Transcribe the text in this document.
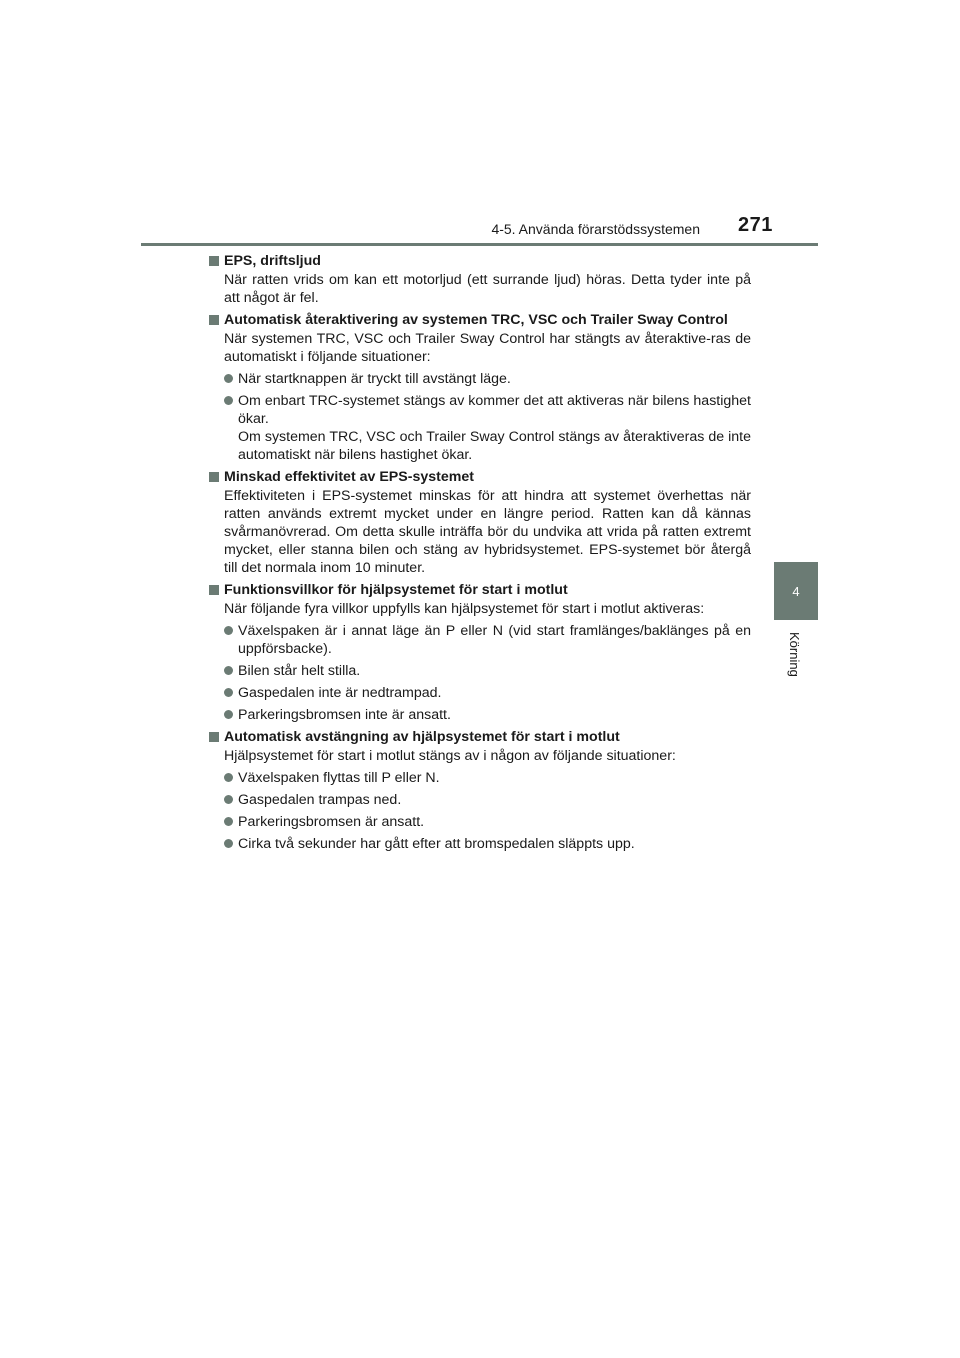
4-5. Använda förarstödssystemen 271
4
Körning
EPS, driftsljud
När ratten vrids om kan ett motorljud (ett surrande ljud) höras. Detta tyder inte på att något är fel.
Automatisk återaktivering av systemen TRC, VSC och Trailer Sway Control
När systemen TRC, VSC och Trailer Sway Control har stängts av återaktive-ras de automatiskt i följande situationer:
När startknappen är tryckt till avstängt läge.
Om enbart TRC-systemet stängs av kommer det att aktiveras när bilens hastighet ökar.
Om systemen TRC, VSC och Trailer Sway Control stängs av återaktiveras de inte automatiskt när bilens hastighet ökar.
Minskad effektivitet av EPS-systemet
Effektiviteten i EPS-systemet minskas för att hindra att systemet överhettas när ratten används extremt mycket under en längre period. Ratten kan då kännas svårmanövrerad. Om detta skulle inträffa bör du undvika att vrida på ratten extremt mycket, eller stanna bilen och stäng av hybridsystemet. EPS-systemet bör återgå till det normala inom 10 minuter.
Funktionsvillkor för hjälpsystemet för start i motlut
När följande fyra villkor uppfylls kan hjälpsystemet för start i motlut aktiveras:
Växelspaken är i annat läge än P eller N (vid start framlänges/baklänges på en uppförsbacke).
Bilen står helt stilla.
Gaspedalen inte är nedtrampad.
Parkeringsbromsen inte är ansatt.
Automatisk avstängning av hjälpsystemet för start i motlut
Hjälpsystemet för start i motlut stängs av i någon av följande situationer:
Växelspaken flyttas till P eller N.
Gaspedalen trampas ned.
Parkeringsbromsen är ansatt.
Cirka två sekunder har gått efter att bromspedalen släppts upp.
